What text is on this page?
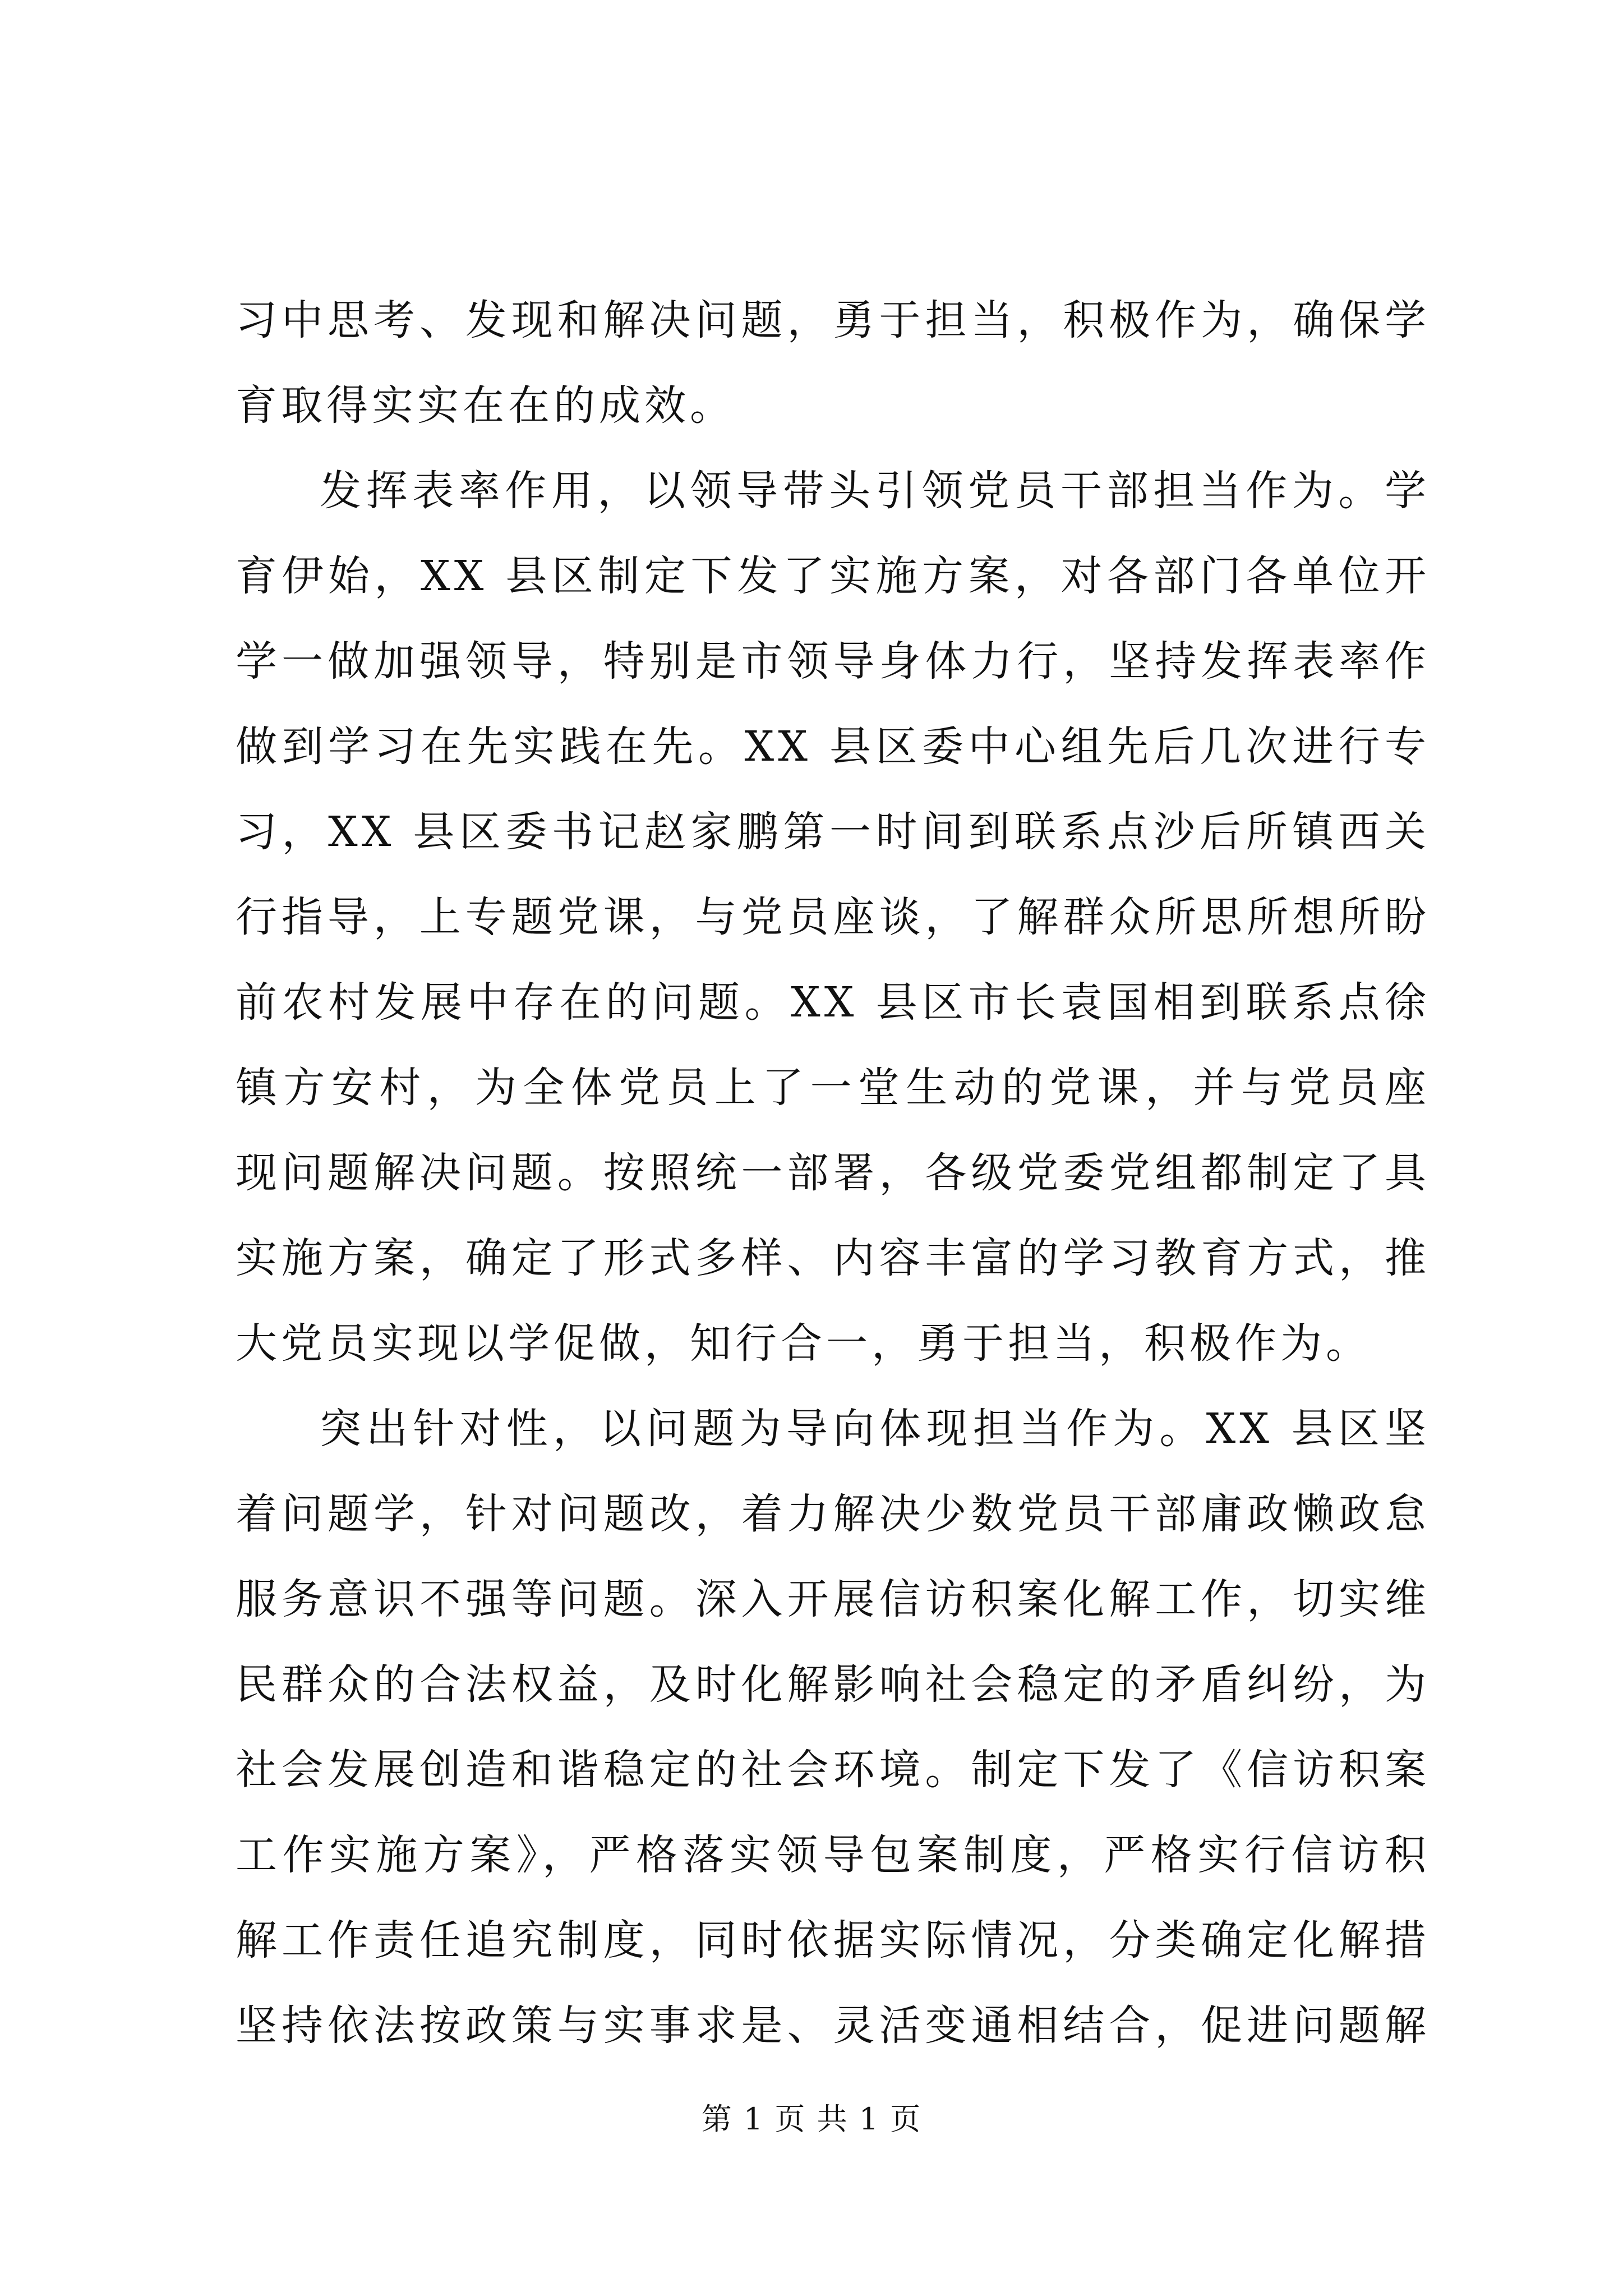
习中思考、发现和解决问题，勇于担当，积极作为，确保学
育取得实实在在的成效。
发挥表率作用，以领导带头引领党员干部担当作为。学
育伊始，XX 县区制定下发了实施方案，对各部门各单位开
学一做加强领导，特别是市领导身体力行，坚持发挥表率作
做到学习在先实践在先。XX 县区委中心组先后几次进行专
习，XX 县区委书记赵家鹏第一时间到联系点沙后所镇西关
行指导，上专题党课，与党员座谈，了解群众所思所想所盼
前农村发展中存在的问题。XX 县区市长袁国相到联系点徐
镇方安村，为全体党员上了一堂生动的党课，并与党员座
现问题解决问题。按照统一部署，各级党委党组都制定了具
实施方案，确定了形式多样、内容丰富的学习教育方式，推
大党员实现以学促做，知行合一，勇于担当，积极作为。
突出针对性，以问题为导向体现担当作为。XX 县区坚
着问题学，针对问题改，着力解决少数党员干部庸政懒政怠
服务意识不强等问题。深入开展信访积案化解工作，切实维
民群众的合法权益，及时化解影响社会稳定的矛盾纠纷，为
社会发展创造和谐稳定的社会环境。制定下发了《信访积案
工作实施方案》，严格落实领导包案制度，严格实行信访积
解工作责任追究制度，同时依据实际情况，分类确定化解措
坚持依法按政策与实事求是、灵活变通相结合，促进问题解
第 1 页 共 1 页
